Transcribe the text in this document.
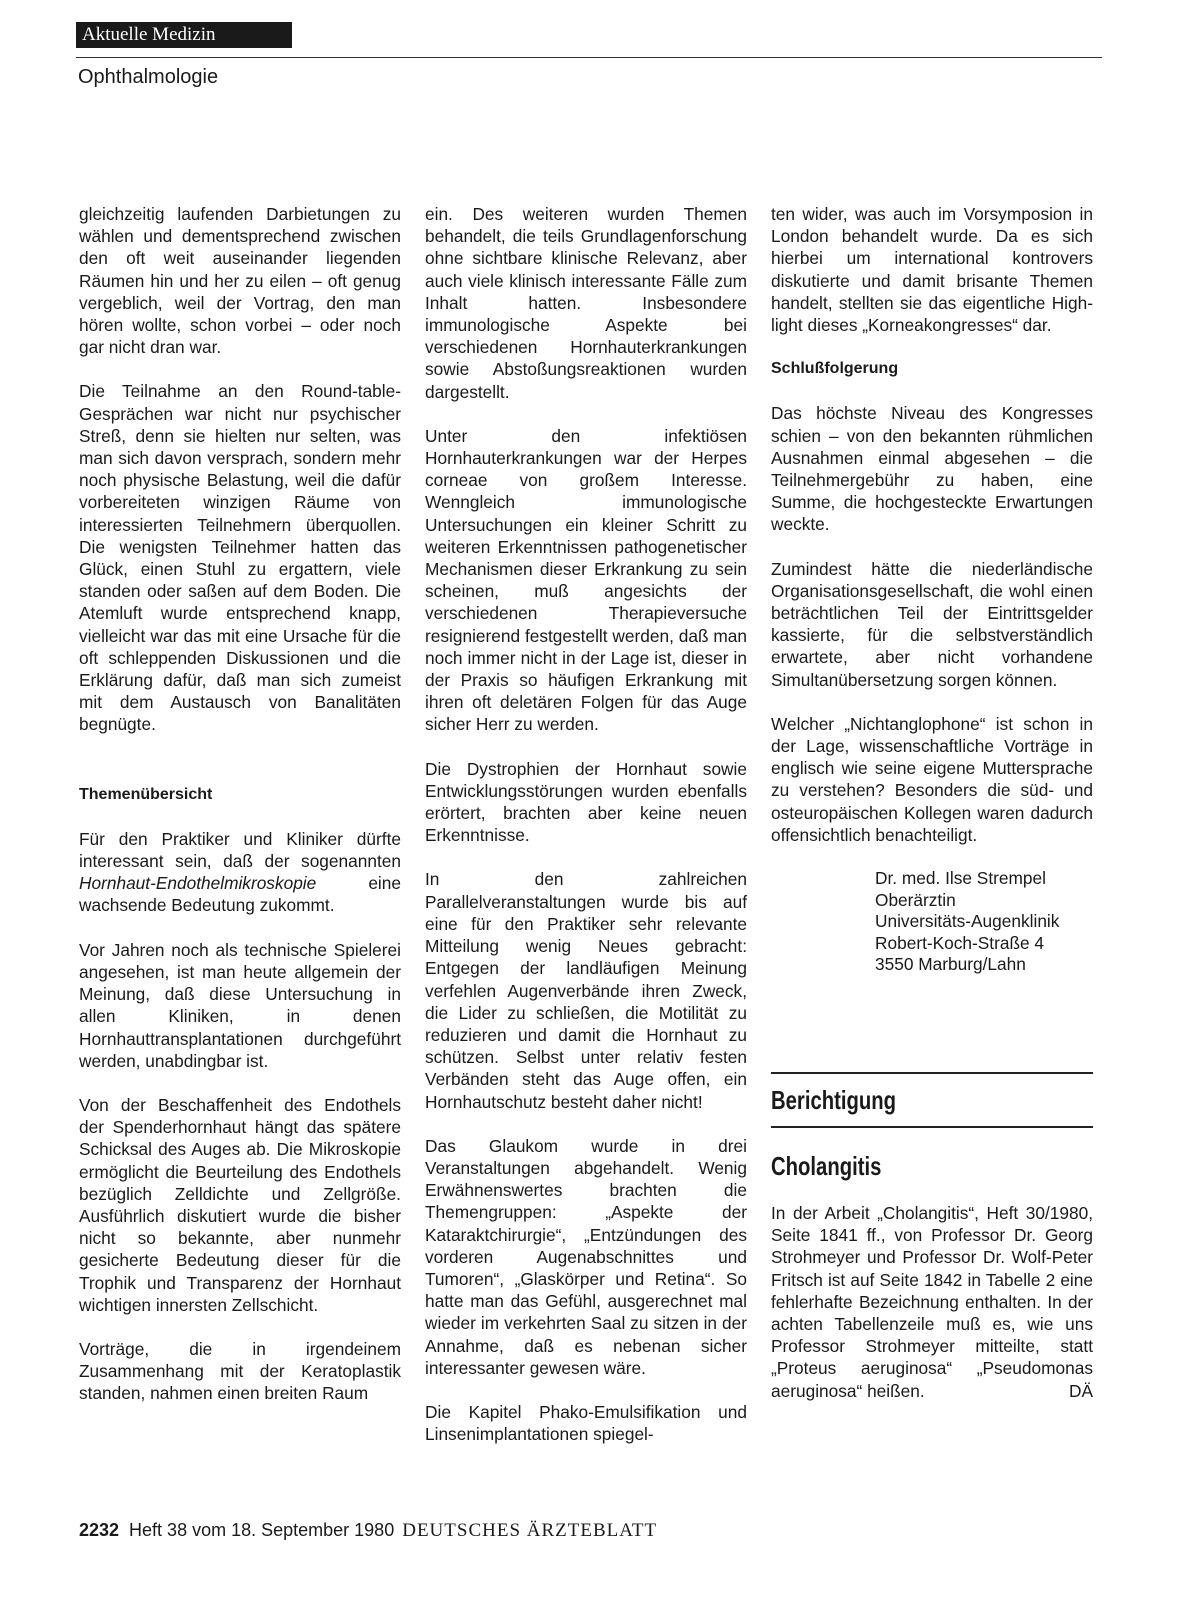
Aktuelle Medizin
Ophthalmologie

gleichzeitig laufenden Darbietungen zu wählen und dementsprechend zwischen den oft weit auseinander liegenden Räumen hin und her zu eilen – oft genug vergeblich, weil der Vortrag, den man hören wollte, schon vorbei – oder noch gar nicht dran war.

Die Teilnahme an den Round-table-Gesprächen war nicht nur psychischer Streß, denn sie hielten nur selten, was man sich davon versprach, sondern mehr noch physische Belastung, weil die dafür vorbereiteten winzigen Räume von interessierten Teilnehmern überquollen. Die wenigsten Teilnehmer hatten das Glück, einen Stuhl zu ergattern, viele standen oder saßen auf dem Boden. Die Atemluft wurde entsprechend knapp, vielleicht war das mit eine Ursache für die oft schleppenden Diskussionen und die Erklärung dafür, daß man sich zumeist mit dem Austausch von Banalitäten begnügte.

Themenübersicht

Für den Praktiker und Kliniker dürfte interessant sein, daß der sogenannten Hornhaut-Endothelmikroskopie eine wachsende Bedeutung zukommt.

Vor Jahren noch als technische Spielerei angesehen, ist man heute allgemein der Meinung, daß diese Untersuchung in allen Kliniken, in denen Hornhauttransplantationen durchgeführt werden, unabdingbar ist.

Von der Beschaffenheit des Endothels der Spenderhornhaut hängt das spätere Schicksal des Auges ab. Die Mikroskopie ermöglicht die Beurteilung des Endothels bezüglich Zelldichte und Zellgröße. Ausführlich diskutiert wurde die bisher nicht so bekannte, aber nunmehr gesicherte Bedeutung dieser für die Trophik und Transparenz der Hornhaut wichtigen innersten Zellschicht.

Vorträge, die in irgendeinem Zusammenhang mit der Keratoplastik standen, nahmen einen breiten Raum

ein. Des weiteren wurden Themen behandelt, die teils Grundlagenforschung ohne sichtbare klinische Relevanz, aber auch viele klinisch interessante Fälle zum Inhalt hatten. Insbesondere immunologische Aspekte bei verschiedenen Hornhauterkrankungen sowie Abstoßungsreaktionen wurden dargestellt.

Unter den infektiösen Hornhauterkrankungen war der Herpes corneae von großem Interesse. Wenngleich immunologische Untersuchungen ein kleiner Schritt zu weiteren Erkenntnissen pathogenetischer Mechanismen dieser Erkrankung zu sein scheinen, muß angesichts der verschiedenen Therapieversuche resignierend festgestellt werden, daß man noch immer nicht in der Lage ist, dieser in der Praxis so häufigen Erkrankung mit ihren oft deletären Folgen für das Auge sicher Herr zu werden.

Die Dystrophien der Hornhaut sowie Entwicklungsstörungen wurden ebenfalls erörtert, brachten aber keine neuen Erkenntnisse.

In den zahlreichen Parallelveranstaltungen wurde bis auf eine für den Praktiker sehr relevante Mitteilung wenig Neues gebracht: Entgegen der landläufigen Meinung verfehlen Augenverbände ihren Zweck, die Lider zu schließen, die Motilität zu reduzieren und damit die Hornhaut zu schützen. Selbst unter relativ festen Verbänden steht das Auge offen, ein Hornhautschutz besteht daher nicht!

Das Glaukom wurde in drei Veranstaltungen abgehandelt. Wenig Erwähnenswertes brachten die Themengruppen: „Aspekte der Kataraktchirurgie“, „Entzündungen des vorderen Augenabschnittes und Tumoren“, „Glaskörper und Retina“. So hatte man das Gefühl, ausgerechnet mal wieder im verkehrten Saal zu sitzen in der Annahme, daß es nebenan sicher interessanter gewesen wäre.

Die Kapitel Phako-Emulsifikation und Linsenimplantationen spiegel-

ten wider, was auch im Vorsymposion in London behandelt wurde. Da es sich hierbei um international kontrovers diskutierte und damit brisante Themen handelt, stellten sie das eigentliche High-light dieses „Korneakongresses“ dar.

Schlußfolgerung

Das höchste Niveau des Kongresses schien – von den bekannten rühmlichen Ausnahmen einmal abgesehen – die Teilnehmergebühr zu haben, eine Summe, die hochgesteckte Erwartungen weckte.

Zumindest hätte die niederländische Organisationsgesellschaft, die wohl einen beträchtlichen Teil der Eintrittsgelder kassierte, für die selbstverständlich erwartete, aber nicht vorhandene Simultanübersetzung sorgen können.

Welcher „Nichtanglophone“ ist schon in der Lage, wissenschaftliche Vorträge in englisch wie seine eigene Muttersprache zu verstehen? Besonders die süd- und osteuropäischen Kollegen waren dadurch offensichtlich benachteiligt.

Dr. med. Ilse Strempel
Oberärztin
Universitäts-Augenklinik
Robert-Koch-Straße 4
3550 Marburg/Lahn
Berichtigung
Cholangitis

In der Arbeit „Cholangitis“, Heft 30/1980, Seite 1841 ff., von Professor Dr. Georg Strohmeyer und Professor Dr. Wolf-Peter Fritsch ist auf Seite 1842 in Tabelle 2 eine fehlerhafte Bezeichnung enthalten. In der achten Tabellenzeile muß es, wie uns Professor Strohmeyer mitteilte, statt „Proteus aeruginosa“ „Pseudomonas aeruginosa“ heißen.	DÄ

2232 Heft 38 vom 18. September 1980 DEUTSCHES ÄRZTEBLATT
